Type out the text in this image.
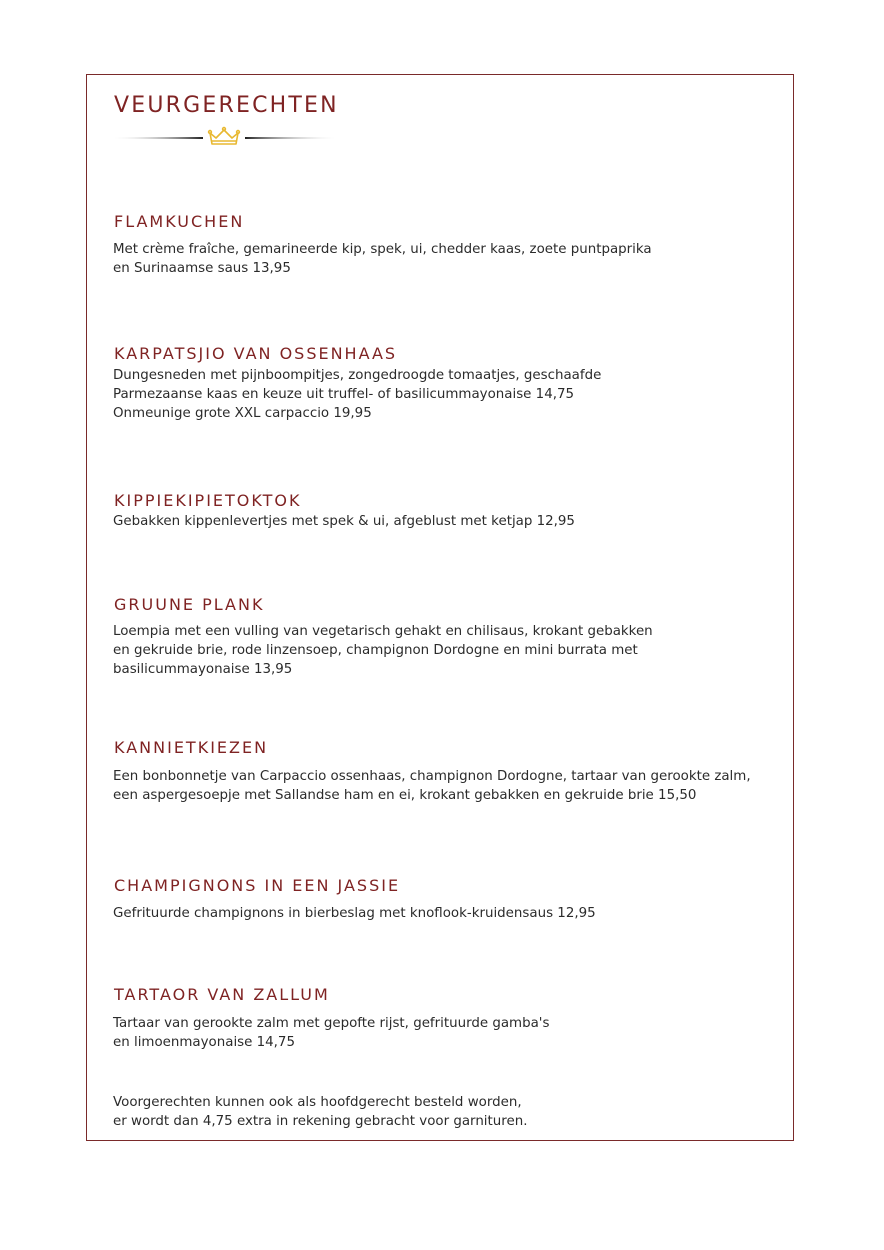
VEURGERECHTEN
FLAMKUCHEN
Met crème fraîche, gemarineerde kip, spek, ui, chedder kaas, zoete puntpaprika
en Surinaamse saus 13,95
KARPATSJIO VAN OSSENHAAS
Dungesneden met pijnboompitjes, zongedroogde tomaatjes, geschaafde
Parmezaanse kaas en keuze uit truffel- of basilicummayonaise 14,75
Onmeunige grote XXL carpaccio 19,95
KIPPIEKIPIETOKTOK
Gebakken kippenlevertjes met spek & ui, afgeblust met ketjap 12,95
GRUUNE PLANK
Loempia met een vulling van vegetarisch gehakt en chilisaus, krokant gebakken
en gekruide brie, rode linzensoep, champignon Dordogne en mini burrata met
basilicummayonaise 13,95
KANNIETKIEZEN
Een bonbonnetje van Carpaccio ossenhaas, champignon Dordogne, tartaar van gerookte zalm,
een aspergesoepje met Sallandse ham en ei, krokant gebakken en gekruide brie 15,50
CHAMPIGNONS IN EEN JASSIE
Gefrituurde champignons in bierbeslag met knoflook-kruidensaus 12,95
TARTAOR VAN ZALLUM
Tartaar van gerookte zalm met gepofte rijst, gefrituurde gamba's
en limoenmayonaise 14,75
Voorgerechten kunnen ook als hoofdgerecht besteld worden,
er wordt dan 4,75 extra in rekening gebracht voor garnituren.
